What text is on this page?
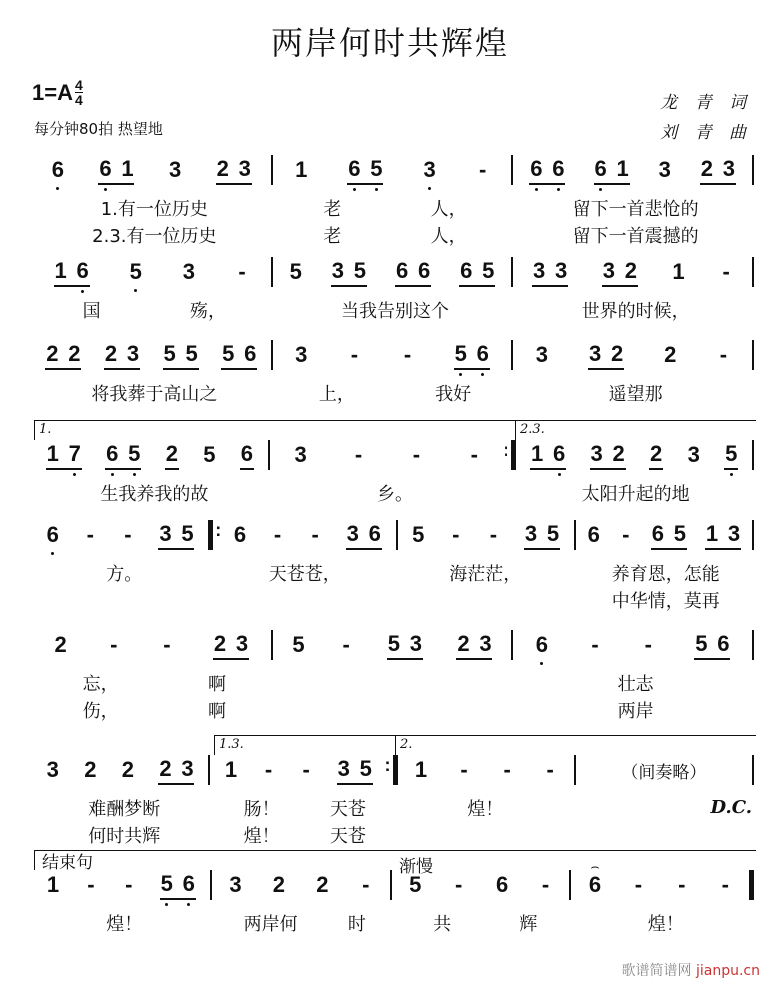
两岸何时共辉煌
$1=A \frac{4}{4}$
每分钟80拍 热望地
龙 青 词
刘 青 曲
6 6 1 3 2 3 1 6 5 3 - 6 6 6 1 3 2 3
1.有一位历史	老	人，	留下一首悲怆的
2.3.有一位历史	老	人，	留下一首震撼的
1 6 5 3 - 5 3 5 6 6 6 5 3 3 3 2 1 -
国	殇，	当我告别这个	世界的时候，
2 2 2 3 5 5 5 6 3 - - 5 6 3 3 2 2 -
将我葬于高山之	上，	我好	遥望那
1.	2.3.
1 7 6 5 2 5 6 3 - - - : 1 6 3 2 2 3 5
生我养我的故	乡。	太阳升起的地
6 - - 3 5 : 6 - - 3 6 5 - - 3 5 6 - 6 5 1 3
方。	天苍苍，	海茫茫，	养育恩，怎能
中华情，莫再
2 - - 2 3 5 - 5 3 2 3 6 - - 5 6
忘，	啊	壮志
伤，	啊	两岸
1.3.	2.
3 2 2 2 3 1 - - 3 5 : 1 - - -	（间奏略）
难酬梦断	肠！	天苍	煌！	D.C.
何时共辉	煌！	天苍
结束句	渐慢
1 - - 5 6 3 2 2 - 5 - 6 - ⌢ 6 - - -
煌！	两岸何	时	共	辉	煌！
歌谱简谱网 jianpu.cn
